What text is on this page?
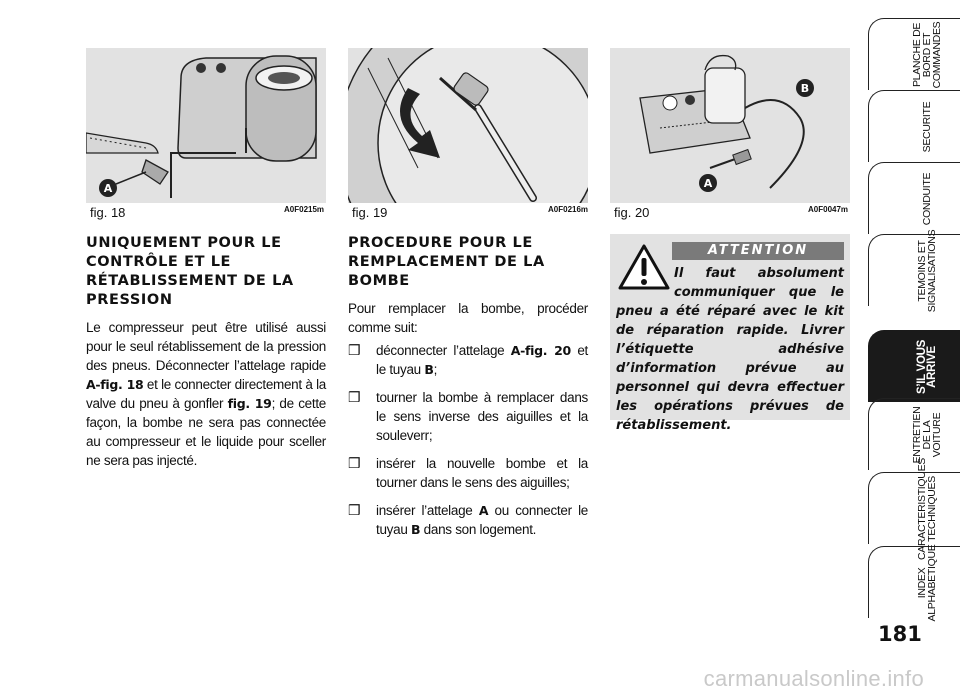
A
fig. 18	A0F0215m fig. 19	A0F0216m
B
A
fig. 20	A0F0047m
UNIQUEMENT POUR LE CONTRÔLE ET LE RÉTABLISSEMENT DE LA PRESSION

Le compresseur peut être utilisé aussi pour le seul rétablissement de la pression des pneus. Déconnecter l’attelage rapide A-fig. 18 et le connecter directement à la valve du pneu à gonfler fig. 19; de cette façon, la bombe ne sera pas connectée au compresseur et le liquide pour sceller ne sera pas injecté.

PROCEDURE POUR LE REMPLACEMENT DE LA BOMBE

Pour remplacer la bombe, procéder comme suit:

❒ déconnecter l’attelage A-fig. 20 et le tuyau B;
❒ tourner la bombe à remplacer dans le sens inverse des aiguilles et la souleverr;
❒ insérer la nouvelle bombe et la tourner dans le sens des aiguilles;
❒ insérer l’attelage A ou connecter le tuyau B dans son logement.
ATTENTION
Il faut absolument communiquer que le pneu a été réparé avec le kit de réparation rapide. Livrer l’étiquette adhésive d’information prévue au personnel qui devra effectuer les opérations prévues de rétablissement.
PLANCHE DE
BORD ET
COMMANDES
SECURITE
CONDUITE
TEMOINS ET
SIGNALISATIONS
S’IL VOUS
ARRIVE
ENTRETIEN
DE LA VOITURE
CARACTERISTIQUES
TECHNIQUES
INDEX
ALPHABETIQUE
181
carmanualsonline.info
